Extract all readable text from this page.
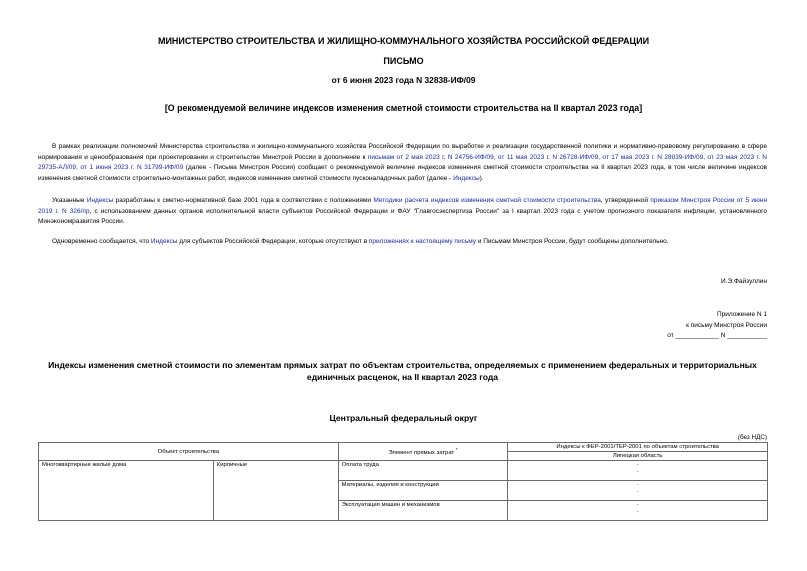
МИНИСТЕРСТВО СТРОИТЕЛЬСТВА И ЖИЛИЩНО-КОММУНАЛЬНОГО ХОЗЯЙСТВА РОССИЙСКОЙ ФЕДЕРАЦИИ
ПИСЬМО
от 6 июня 2023 года N 32838-ИФ/09
[О рекомендуемой величине индексов изменения сметной стоимости строительства на II квартал 2023 года]
В рамках реализации полномочий Министерства строительства и жилищно-коммунального хозяйства Российской Федерации по выработке и реализации государственной политики и нормативно-правовому регулированию в сфере нормирования и ценообразования при проектировании и строительстве Минстрой России в дополнение к письмам от 2 мая 2023 г. N 24756-ИФ/09, от 11 мая 2023 г. N 26728-ИФ/09, от 17 мая 2023 г. N 28039-ИФ/09, от 23 мая 2023 г. N 29735-АЛ/09, от 1 июня 2023 г. N 31799-ИФ/09 (далее - Письма Минстроя России) сообщает о рекомендуемой величине индексов изменения сметной стоимости строительства на II квартал 2023 года, в том числе величине индексов изменения сметной стоимости строительно-монтажных работ, индексов изменения сметной стоимости пусконаладочных работ (далее - Индексы).
Указанные Индексы разработаны к сметно-нормативной базе 2001 года в соответствии с положениями Методики расчета индексов изменения сметной стоимости строительства, утвержденной приказом Минстроя России от 5 июня 2019 г. N 326/пр, с использованием данных органов исполнительной власти субъектов Российской Федерации и ФАУ "Главгосэкспертиза России" за I квартал 2023 года с учетом прогнозного показателя инфляции, установленного Минэкономразвития России.
Одновременно сообщается, что Индексы для субъектов Российской Федерации, которые отсутствуют в приложениях к настоящему письму и Письмам Минстроя России, будут сообщены дополнительно.
И.Э.Файзуллин
Приложение N 1
к письму Минстроя России
от ____________ N ___________
Индексы изменения сметной стоимости по элементам прямых затрат по объектам строительства, определяемых с применением федеральных и территориальных единичных расценок, на II квартал 2023 года
Центральный федеральный округ
(без НДС)
Объект строительства		Элемент прямых затрат *	Индексы к ФЕР-2001/ТЕР-2001 по объектам строительства
			Липецкая область
Многоквартирные жилые дома	Кирпичные	Оплата труда	-
-

		Материалы, изделия и конструкции	-
-

		Эксплуатация машин и механизмов	-
-
